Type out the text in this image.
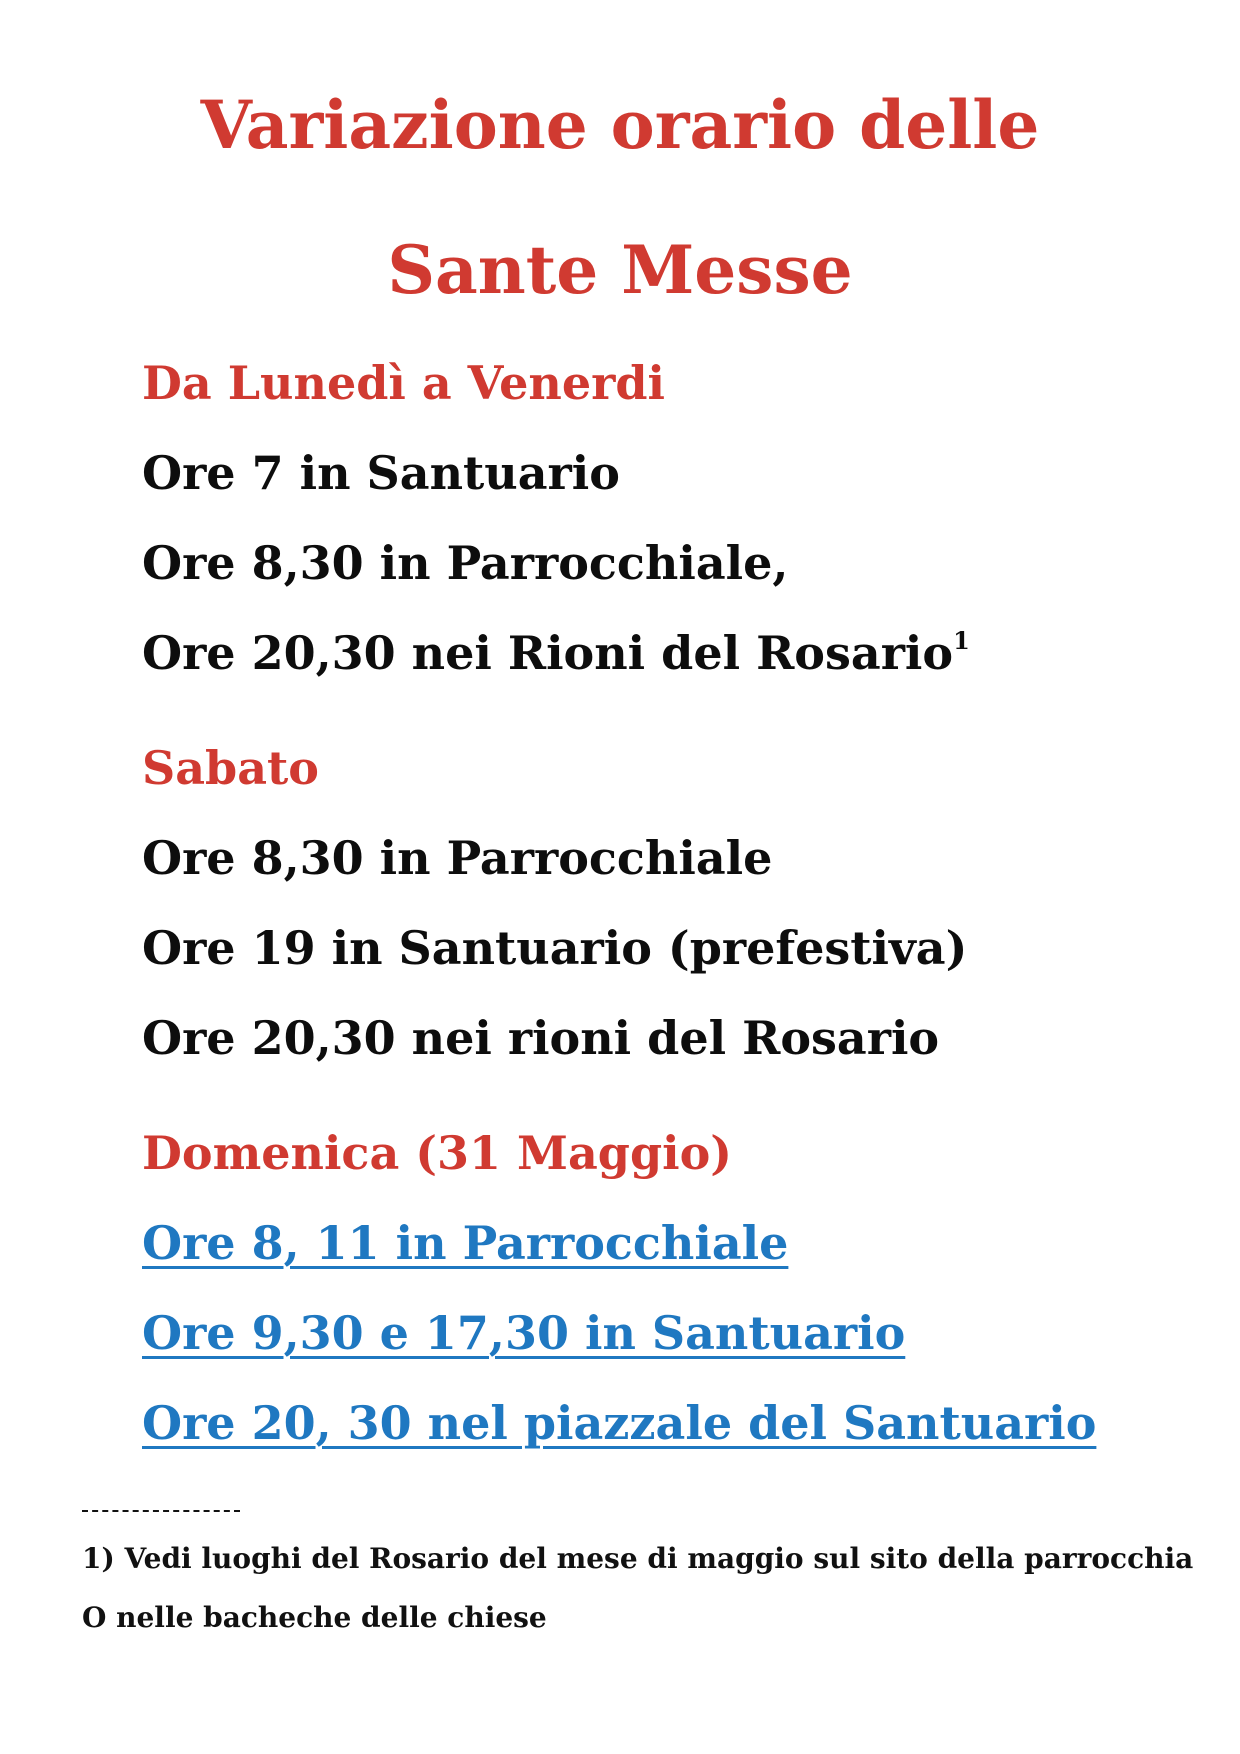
Variazione orario delle
Sante Messe
Da Lunedì a Venerdi
Ore 7 in Santuario
Ore 8,30 in Parrocchiale,
Ore 20,30 nei Rioni del Rosario$^1$
Sabato
Ore 8,30 in Parrocchiale
Ore 19 in Santuario (prefestiva)
Ore 20,30 nei rioni del Rosario
Domenica (31 Maggio)
Ore 8, 11 in Parrocchiale
Ore 9,30 e 17,30 in Santuario
Ore 20, 30 nel piazzale del Santuario
1) Vedi luoghi del Rosario del mese di maggio sul sito della parrocchia
O nelle bacheche delle chiese
